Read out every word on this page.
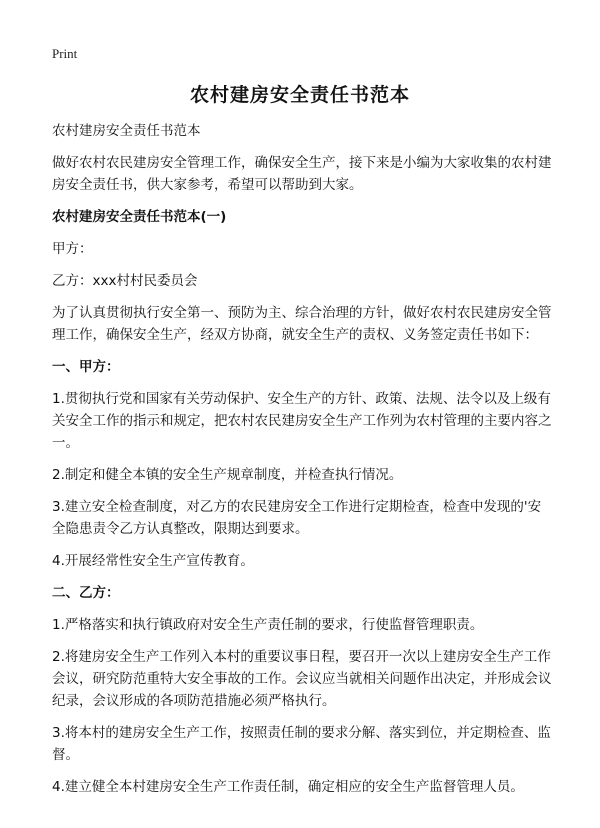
Print
农村建房安全责任书范本

农村建房安全责任书范本

做好农村农民建房安全管理工作，确保安全生产，接下来是小编为大家收集的农村建房安全责任书，供大家参考，希望可以帮助到大家。

农村建房安全责任书范本(一)

甲方：

乙方：xxx村村民委员会

为了认真贯彻执行安全第一、预防为主、综合治理的方针，做好农村农民建房安全管理工作，确保安全生产，经双方协商，就安全生产的责权、义务签定责任书如下：

一、甲方：

1.贯彻执行党和国家有关劳动保护、安全生产的方针、政策、法规、法令以及上级有关安全工作的指示和规定，把农村农民建房安全生产工作列为农村管理的主要内容之一。

2.制定和健全本镇的安全生产规章制度，并检查执行情况。

3.建立安全检查制度，对乙方的农民建房安全工作进行定期检查，检查中发现的'安全隐患责令乙方认真整改，限期达到要求。

4.开展经常性安全生产宣传教育。

二、乙方：

1.严格落实和执行镇政府对安全生产责任制的要求，行使监督管理职责。

2.将建房安全生产工作列入本村的重要议事日程，要召开一次以上建房安全生产工作会议，研究防范重特大安全事故的工作。会议应当就相关问题作出决定，并形成会议纪录，会议形成的各项防范措施必须严格执行。

3.将本村的建房安全生产工作，按照责任制的要求分解、落实到位，并定期检查、监督。

4.建立健全本村建房安全生产工作责任制，确定相应的安全生产监督管理人员。
